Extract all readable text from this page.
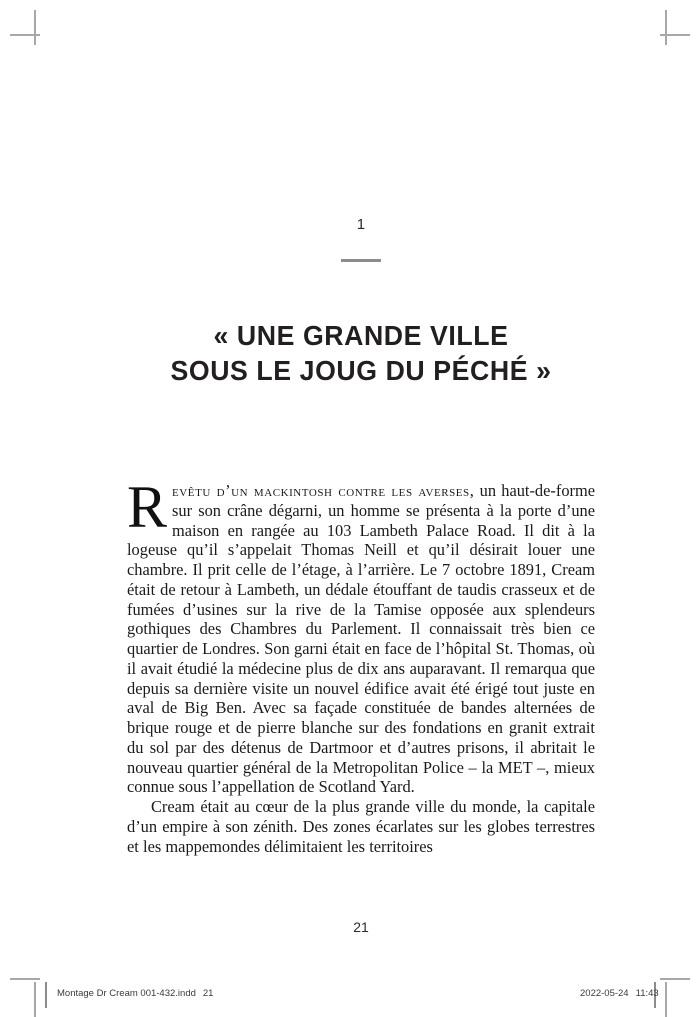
1
« UNE GRANDE VILLE
SOUS LE JOUG DU PÉCHÉ »

Revêtu d’un mackintosh contre les averses, un haut-de-forme sur son crâne dégarni, un homme se présenta à la porte d’une maison en rangée au 103 Lambeth Palace Road. Il dit à la logeuse qu’il s’appelait Thomas Neill et qu’il désirait louer une chambre. Il prit celle de l’étage, à l’arrière. Le 7 octobre 1891, Cream était de retour à Lambeth, un dédale étouffant de taudis crasseux et de fumées d’usines sur la rive de la Tamise opposée aux splendeurs gothiques des Chambres du Parlement. Il connaissait très bien ce quartier de Londres. Son garni était en face de l’hôpital St. Thomas, où il avait étudié la médecine plus de dix ans auparavant. Il remarqua que depuis sa dernière visite un nouvel édifice avait été érigé tout juste en aval de Big Ben. Avec sa façade constituée de bandes alternées de brique rouge et de pierre blanche sur des fondations en granit extrait du sol par des détenus de Dartmoor et d’autres prisons, il abritait le nouveau quartier général de la Metropolitan Police – la MET –, mieux connue sous l’appellation de Scotland Yard.

Cream était au cœur de la plus grande ville du monde, la capitale d’un empire à son zénith. Des zones écarlates sur les globes terrestres et les mappemondes délimitaient les territoires

21
Montage Dr Cream 001-432.indd 21	2022-05-24 11:43
